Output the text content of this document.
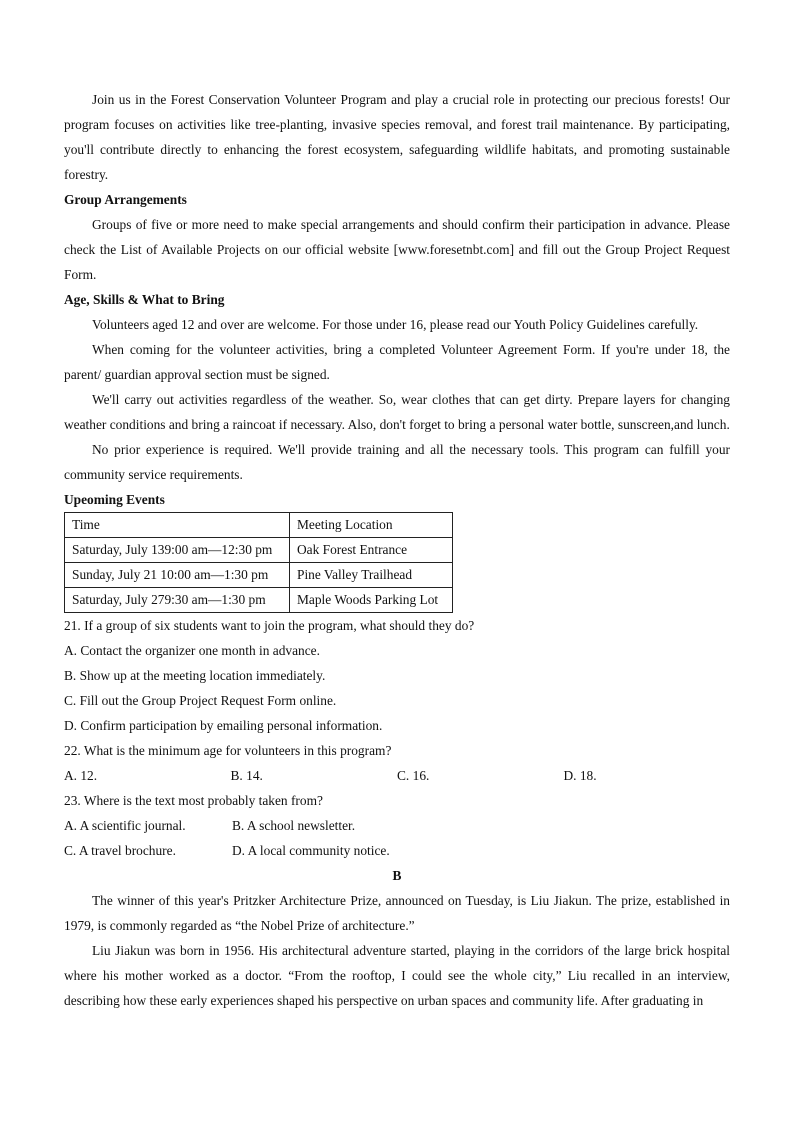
Join us in the Forest Conservation Volunteer Program and play a crucial role in protecting our precious forests! Our program focuses on activities like tree-planting, invasive species removal, and forest trail maintenance. By participating, you'll contribute directly to enhancing the forest ecosystem, safeguarding wildlife habitats, and promoting sustainable forestry.

Group Arrangements

Groups of five or more need to make special arrangements and should confirm their participation in advance. Please check the List of Available Projects on our official website [www.foresetnbt.com] and fill out the Group Project Request Form.

Age, Skills & What to Bring

Volunteers aged 12 and over are welcome. For those under 16, please read our Youth Policy Guidelines carefully.

When coming for the volunteer activities, bring a completed Volunteer Agreement Form. If you're under 18, the parent/ guardian approval section must be signed.

We'll carry out activities regardless of the weather. So, wear clothes that can get dirty. Prepare layers for changing weather conditions and bring a raincoat if necessary. Also, don't forget to bring a personal water bottle, sunscreen,and lunch.

No prior experience is required. We'll provide training and all the necessary tools. This program can fulfill your community service requirements.

Upeoming Events
Time	Meeting Location
Saturday, July 139:00 am—12:30 pm	Oak Forest Entrance
Sunday, July 21 10:00 am—1:30 pm	Pine Valley Trailhead
Saturday, July 279:30 am—1:30 pm	Maple Woods Parking Lot
21. If a group of six students want to join the program, what should they do?
A. Contact the organizer one month in advance.
B. Show up at the meeting location immediately.
C. Fill out the Group Project Request Form online.
D. Confirm participation by emailing personal information.
22. What is the minimum age for volunteers in this program?
A. 12.	B. 14.	C. 16.	D. 18.
23. Where is the text most probably taken from?
A. A scientific journal.	B. A school newsletter.
C. A travel brochure.	D. A local community notice.
B

The winner of this year's Pritzker Architecture Prize, announced on Tuesday, is Liu Jiakun. The prize, established in 1979, is commonly regarded as “the Nobel Prize of architecture.”

Liu Jiakun was born in 1956. His architectural adventure started, playing in the corridors of the large brick hospital where his mother worked as a doctor. “From the rooftop, I could see the whole city,” Liu recalled in an interview, describing how these early experiences shaped his perspective on urban spaces and community life. After graduating in
